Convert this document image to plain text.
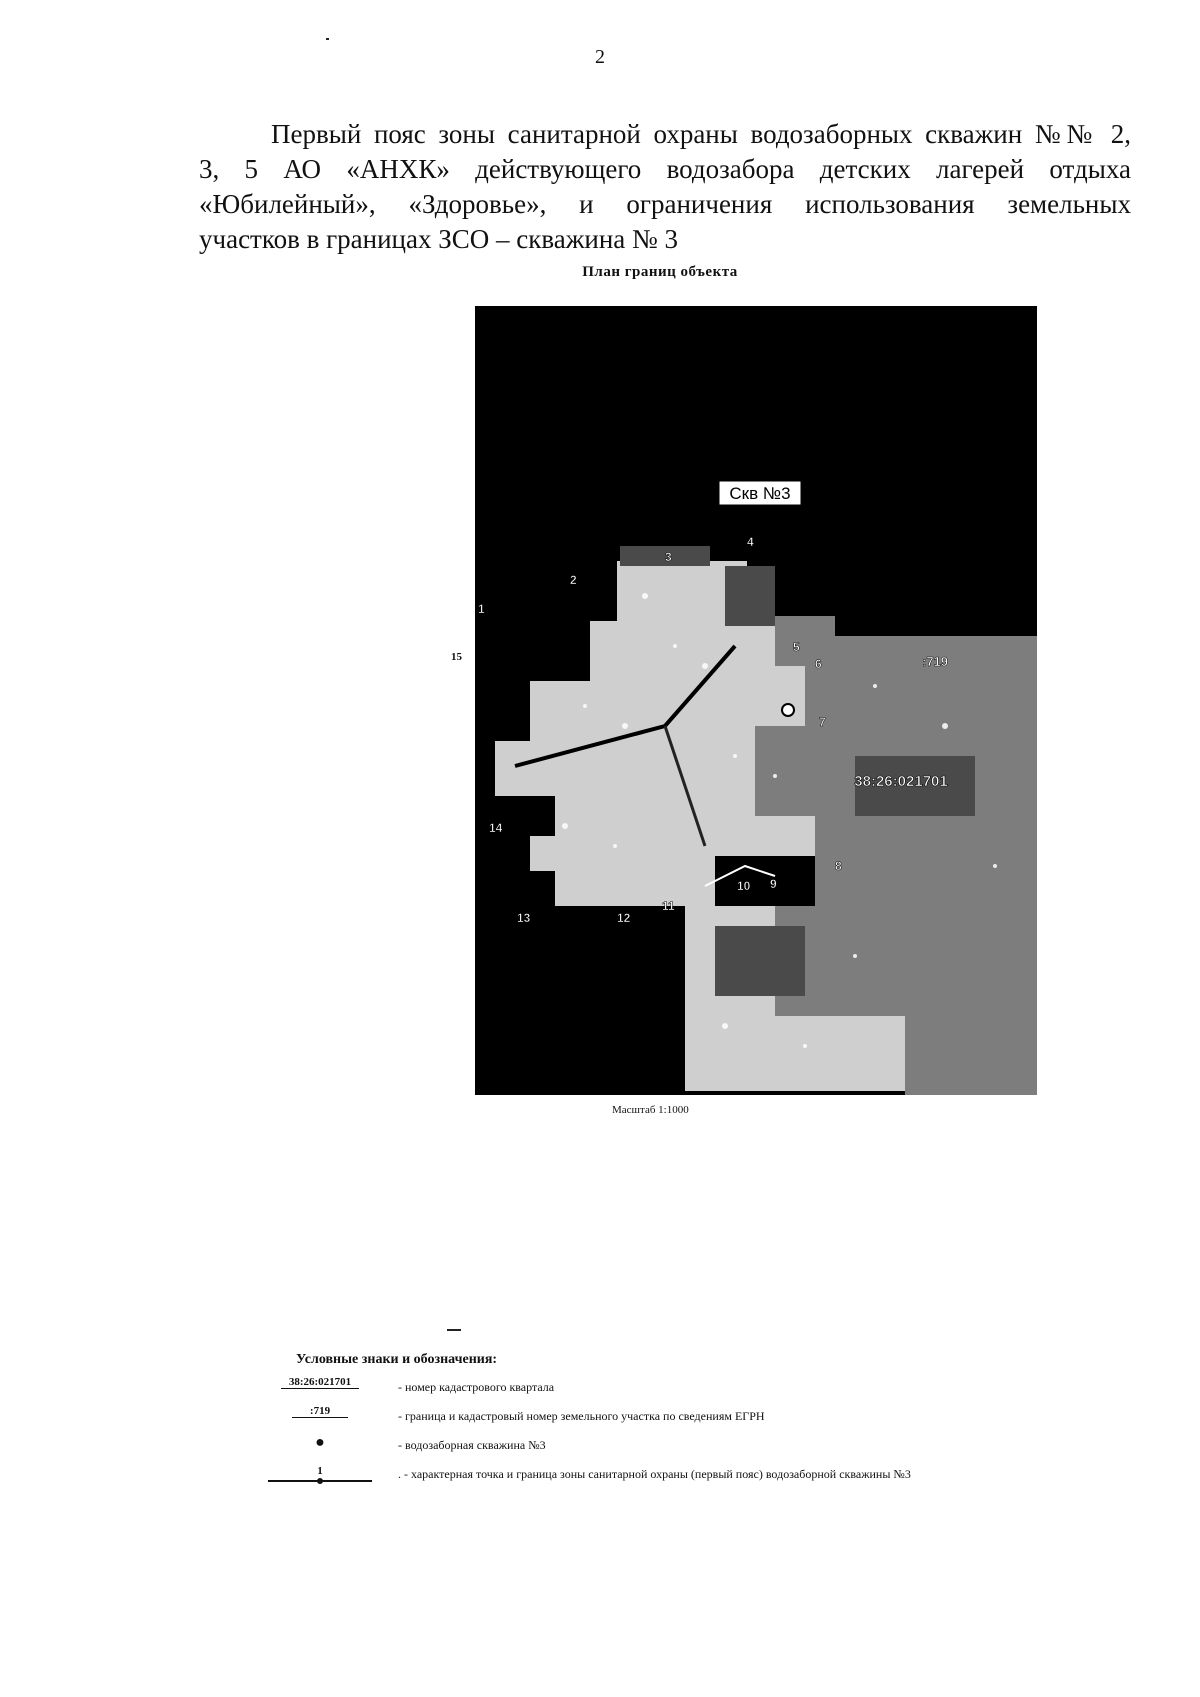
2
Первый пояс зоны санитарной охраны водозаборных скважин №№ 2,
3, 5 АО «АНХК» действующего водозабора детских лагерей отдыха
«Юбилейный», «Здоровье», и ограничения использования земельных
участков в границах ЗСО – скважина № 3
План границ объекта
15
Скв №3
38:26:021701
:719
1
2
3
4
5
6
7
8
9
10
11
12
13
14
Масштаб 1:1000
Условные знаки и обозначения:
38:26:021701	- номер кадастрового квартала
:719	- граница и кадастровый номер земельного участка по сведениям ЕГРН
●	- водозаборная скважина №3
1	. - характерная точка и граница зоны санитарной охраны (первый пояс) водозаборной скважины №3
